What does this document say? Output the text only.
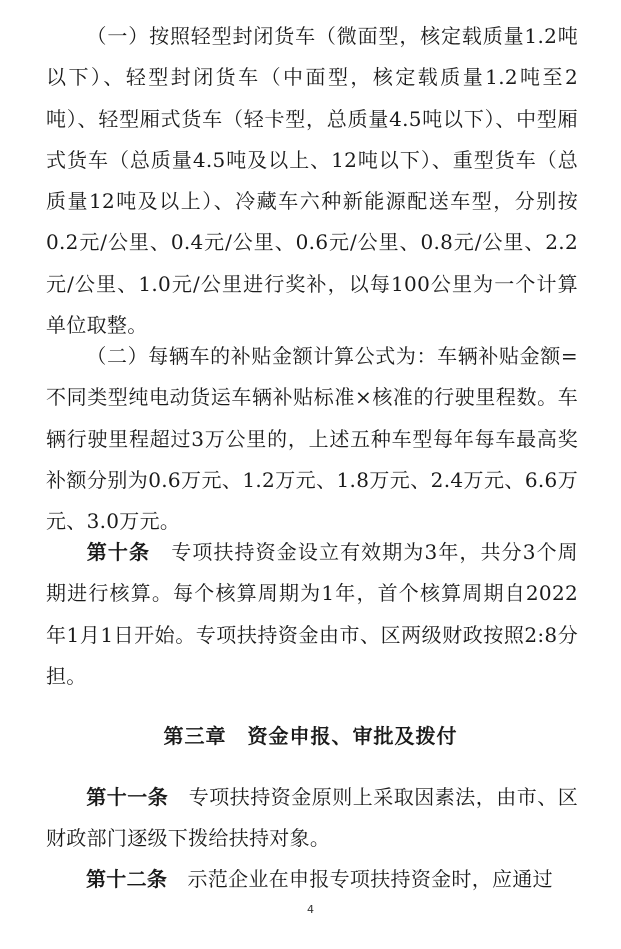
（一）按照轻型封闭货车（微面型，核定载质量1.2吨以下）、轻型封闭货车（中面型，核定载质量1.2吨至2吨）、轻型厢式货车（轻卡型，总质量4.5吨以下）、中型厢式货车（总质量4.5吨及以上、12吨以下）、重型货车（总质量12吨及以上）、冷藏车六种新能源配送车型，分别按0.2元/公里、0.4元/公里、0.6元/公里、0.8元/公里、2.2元/公里、1.0元/公里进行奖补，以每100公里为一个计算单位取整。

（二）每辆车的补贴金额计算公式为：车辆补贴金额=不同类型纯电动货运车辆补贴标准×核准的行驶里程数。车辆行驶里程超过3万公里的，上述五种车型每年每车最高奖补额分别为0.6万元、1.2万元、1.8万元、2.4万元、6.6万元、3.0万元。

第十条　 专项扶持资金设立有效期为3年，共分3个周期进行核算。每个核算周期为1年，首个核算周期自2022年1月1日开始。专项扶持资金由市、区两级财政按照2:8分担。

第三章　资金申报、审批及拨付

第十一条　 专项扶持资金原则上采取因素法，由市、区财政部门逐级下拨给扶持对象。

第十二条　 示范企业在申报专项扶持资金时，应通过

4
